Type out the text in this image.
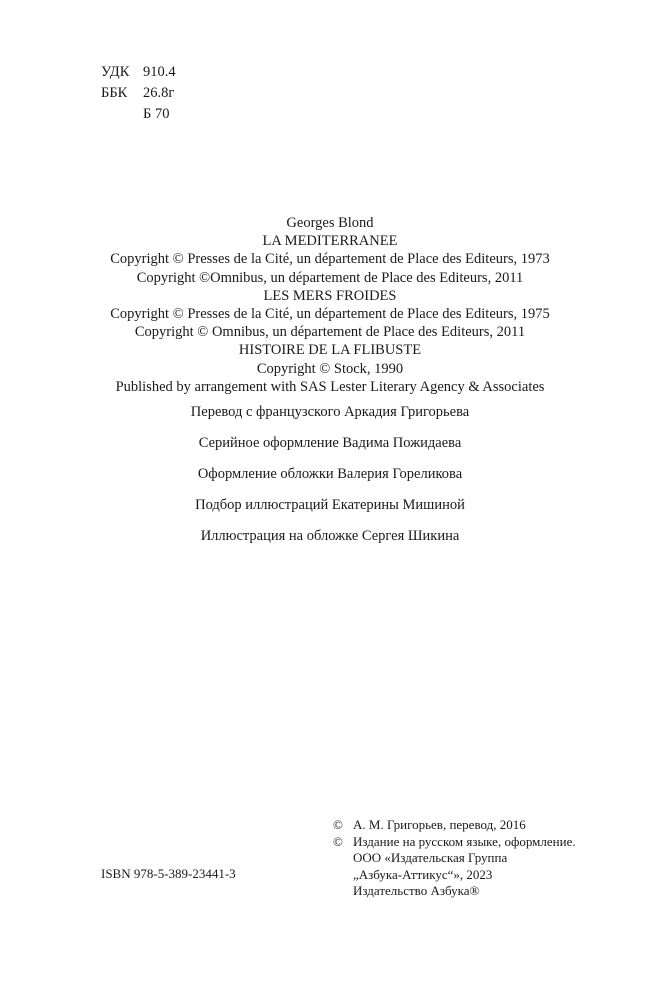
УДК 910.4
ББК	26.8г
Б 70
Georges Blond
LA MEDITERRANEE
Copyright © Presses de la Cité, un département de Place des Editeurs, 1973
Copyright ©Omnibus, un département de Place des Editeurs, 2011
LES MERS FROIDES
Copyright © Presses de la Cité, un département de Place des Editeurs, 1975
Copyright © Omnibus, un département de Place des Editeurs, 2011
HISTOIRE DE LA FLIBUSTE
Copyright © Stock, 1990
Published by arrangement with SAS Lester Literary Agency & Associates
Перевод с французского Аркадия Григорьева
Серийное оформление Вадима Пожидаева
Оформление обложки Валерия Гореликова
Подбор иллюстраций Екатерины Мишиной
Иллюстрация на обложке Сергея Шикина
© А. М. Григорьев, перевод, 2016
© Издание на русском языке, оформление.
ООО «Издательская Группа
„Азбука-Аттикус“», 2023
Издательство Азбука®
ISBN 978-5-389-23441-3
